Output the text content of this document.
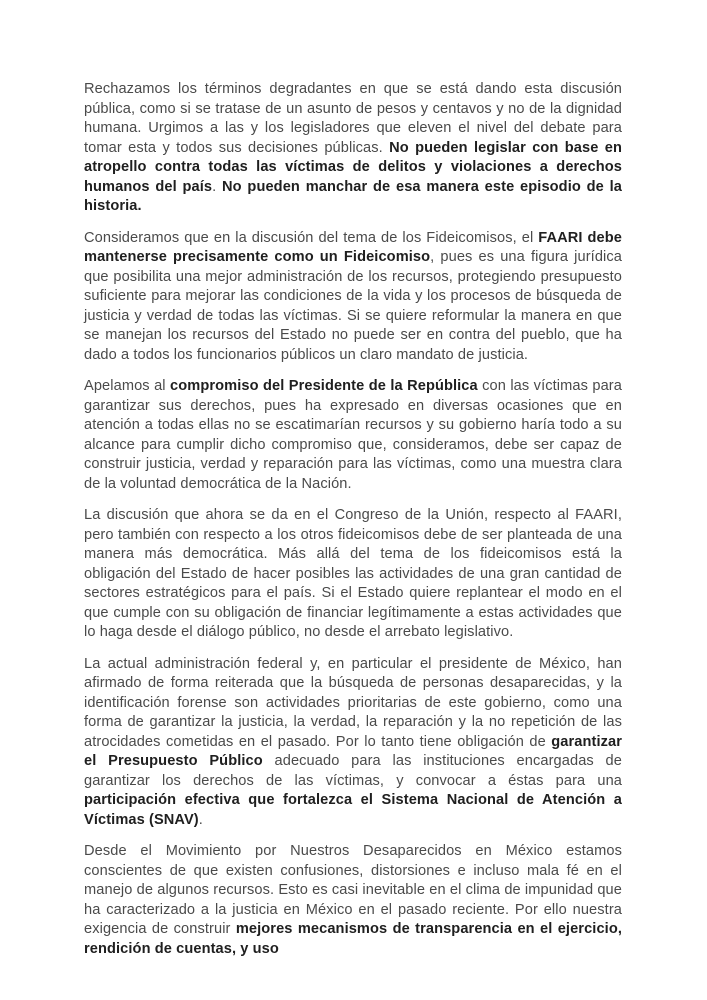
Rechazamos los términos degradantes en que se está dando esta discusión pública, como si se tratase de un asunto de pesos y centavos y no de la dignidad humana. Urgimos a las y los legisladores que eleven el nivel del debate para tomar esta y todos sus decisiones públicas. No pueden legislar con base en atropello contra todas las víctimas de delitos y violaciones a derechos humanos del país. No pueden manchar de esa manera este episodio de la historia.

Consideramos que en la discusión del tema de los Fideicomisos, el FAARI debe mantenerse precisamente como un Fideicomiso, pues es una figura jurídica que posibilita una mejor administración de los recursos, protegiendo presupuesto suficiente para mejorar las condiciones de la vida y los procesos de búsqueda de justicia y verdad de todas las víctimas. Si se quiere reformular la manera en que se manejan los recursos del Estado no puede ser en contra del pueblo, que ha dado a todos los funcionarios públicos un claro mandato de justicia.

Apelamos al compromiso del Presidente de la República con las víctimas para garantizar sus derechos, pues ha expresado en diversas ocasiones que en atención a todas ellas no se escatimarían recursos y su gobierno haría todo a su alcance para cumplir dicho compromiso que, consideramos, debe ser capaz de construir justicia, verdad y reparación para las víctimas, como una muestra clara de la voluntad democrática de la Nación.

La discusión que ahora se da en el Congreso de la Unión, respecto al FAARI, pero también con respecto a los otros fideicomisos debe de ser planteada de una manera más democrática. Más allá del tema de los fideicomisos está la obligación del Estado de hacer posibles las actividades de una gran cantidad de sectores estratégicos para el país. Si el Estado quiere replantear el modo en el que cumple con su obligación de financiar legítimamente a estas actividades que lo haga desde el diálogo público, no desde el arrebato legislativo.

La actual administración federal y, en particular el presidente de México, han afirmado de forma reiterada que la búsqueda de personas desaparecidas, y la identificación forense son actividades prioritarias de este gobierno, como una forma de garantizar la justicia, la verdad, la reparación y la no repetición de las atrocidades cometidas en el pasado. Por lo tanto tiene obligación de garantizar el Presupuesto Público adecuado para las instituciones encargadas de garantizar los derechos de las víctimas, y convocar a éstas para una participación efectiva que fortalezca el Sistema Nacional de Atención a Víctimas (SNAV).

Desde el Movimiento por Nuestros Desaparecidos en México estamos conscientes de que existen confusiones, distorsiones e incluso mala fé en el manejo de algunos recursos. Esto es casi inevitable en el clima de impunidad que ha caracterizado a la justicia en México en el pasado reciente. Por ello nuestra exigencia de construir mejores mecanismos de transparencia en el ejercicio, rendición de cuentas, y uso
